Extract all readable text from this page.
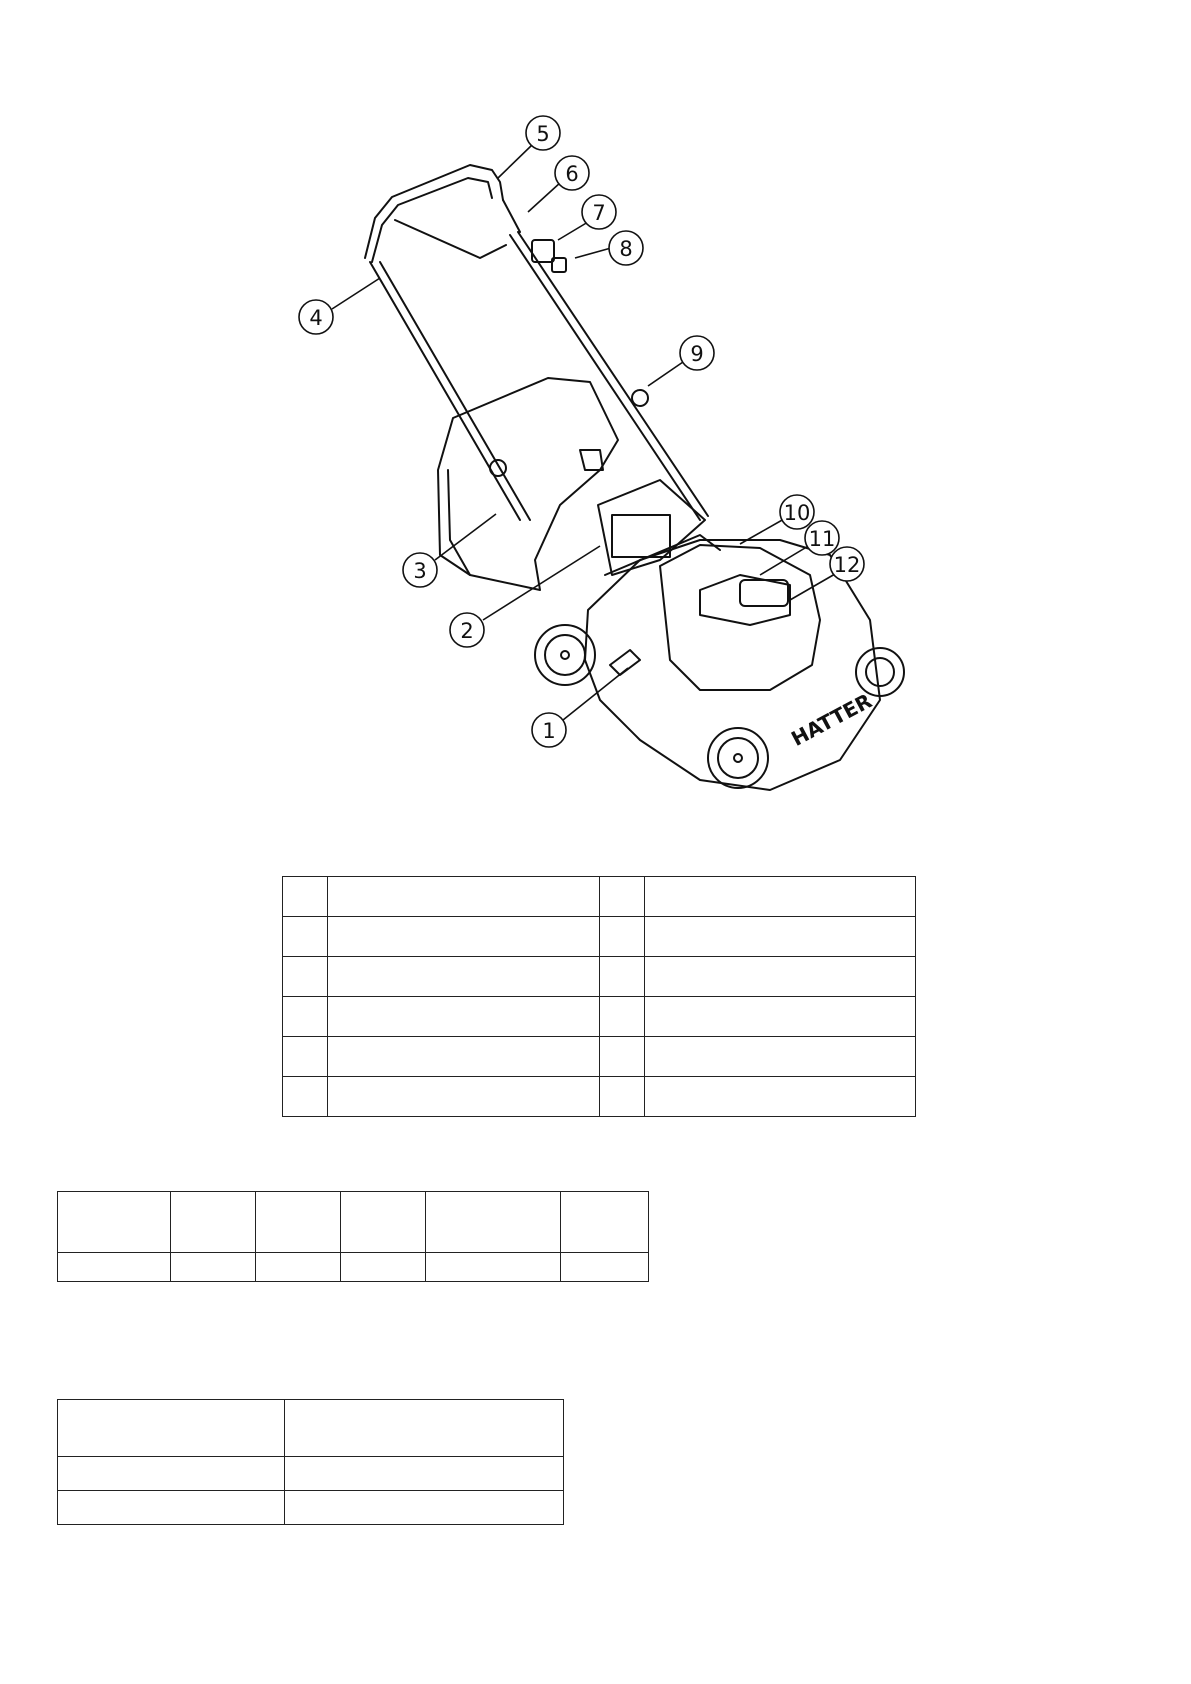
HATTER
1
2
3
4
5
6
7
8
9
10
11
12
